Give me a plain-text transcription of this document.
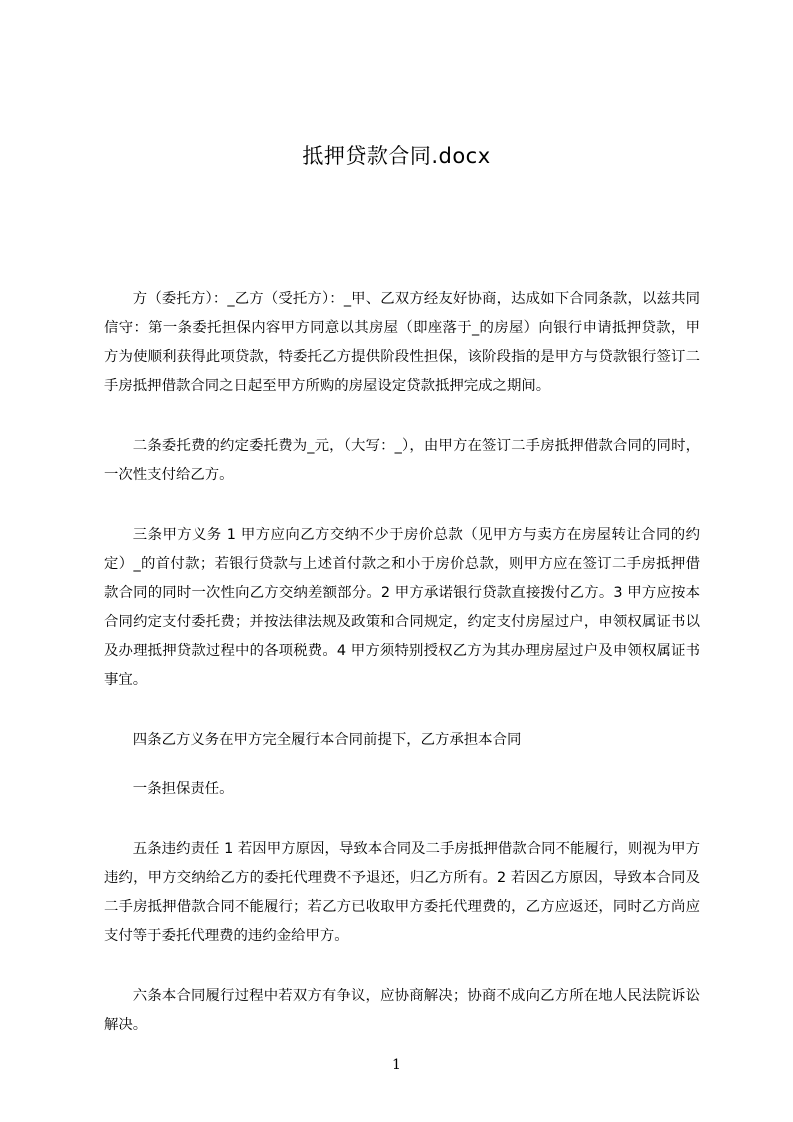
抵押贷款合同.docx

方（委托方）：_乙方（受托方）：_甲、乙双方经友好协商，达成如下合同条款，以兹共同信守：第一条委托担保内容甲方同意以其房屋（即座落于_的房屋）向银行申请抵押贷款，甲方为使顺利获得此项贷款，特委托乙方提供阶段性担保，该阶段指的是甲方与贷款银行签订二手房抵押借款合同之日起至甲方所购的房屋设定贷款抵押完成之期间。

二条委托费的约定委托费为_元，（大写：_），由甲方在签订二手房抵押借款合同的同时，一次性支付给乙方。

三条甲方义务 1 甲方应向乙方交纳不少于房价总款（见甲方与卖方在房屋转让合同的约定）_的首付款；若银行贷款与上述首付款之和小于房价总款，则甲方应在签订二手房抵押借款合同的同时一次性向乙方交纳差额部分。2 甲方承诺银行贷款直接拨付乙方。3 甲方应按本合同约定支付委托费；并按法律法规及政策和合同规定，约定支付房屋过户，申领权属证书以及办理抵押贷款过程中的各项税费。4 甲方须特别授权乙方为其办理房屋过户及申领权属证书事宜。

四条乙方义务在甲方完全履行本合同前提下，乙方承担本合同

一条担保责任。

五条违约责任 1 若因甲方原因，导致本合同及二手房抵押借款合同不能履行，则视为甲方违约，甲方交纳给乙方的委托代理费不予退还，归乙方所有。2 若因乙方原因，导致本合同及二手房抵押借款合同不能履行；若乙方已收取甲方委托代理费的，乙方应返还，同时乙方尚应支付等于委托代理费的违约金给甲方。

六条本合同履行过程中若双方有争议，应协商解决；协商不成向乙方所在地人民法院诉讼解决。

1
